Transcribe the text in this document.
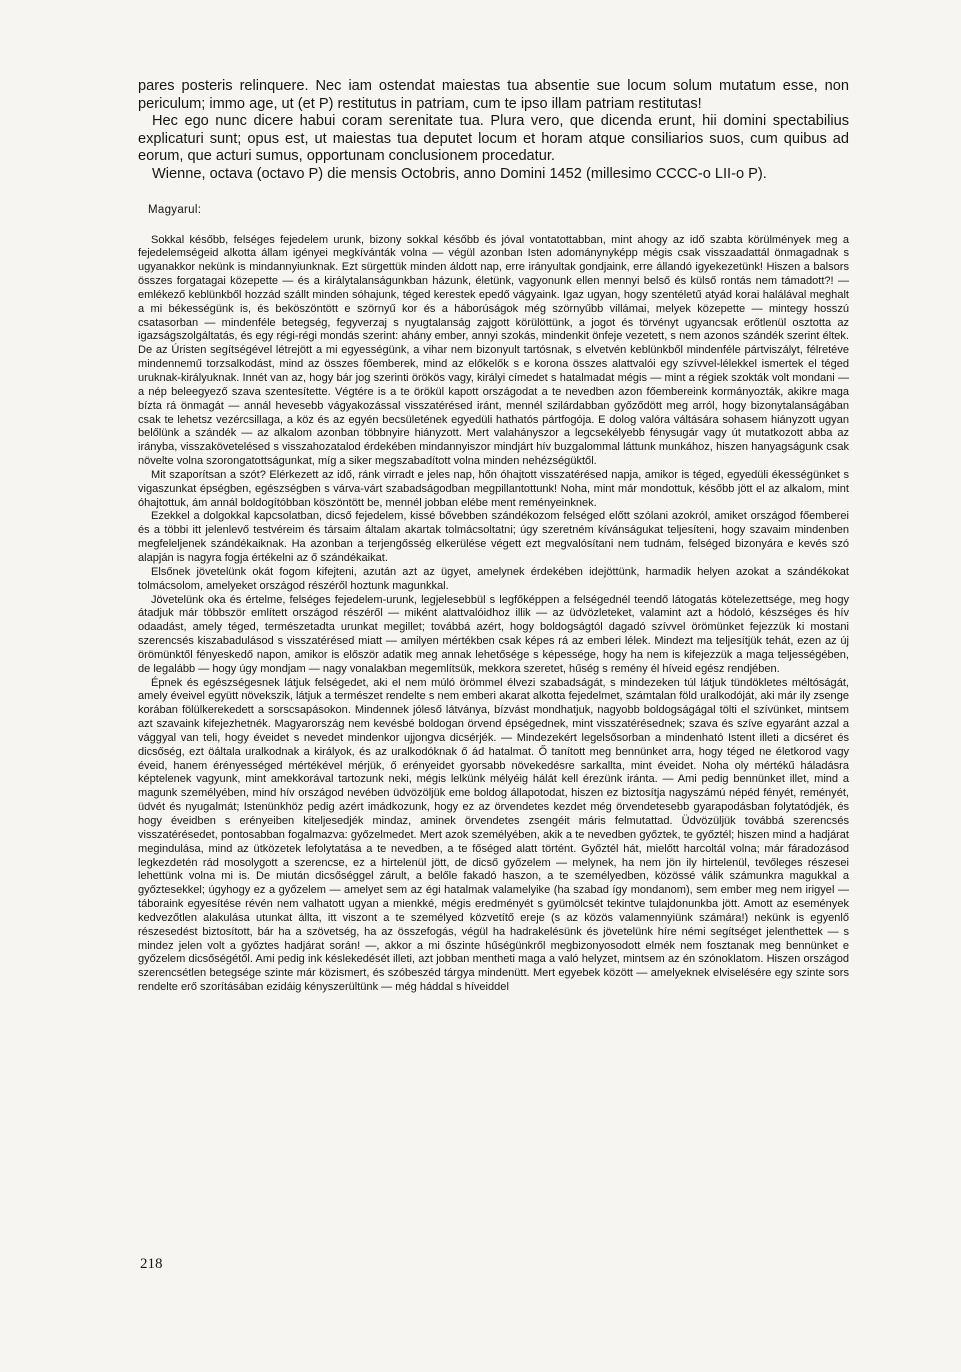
pares posteris relinquere. Nec iam ostendat maiestas tua absentie sue locum solum mutatum esse, non periculum; immo age, ut (et P) restitutus in patriam, cum te ipso illam patriam restitutas!

Hec ego nunc dicere habui coram serenitate tua. Plura vero, que dicenda erunt, hii domini spectabilius explicaturi sunt; opus est, ut maiestas tua deputet locum et horam atque consiliarios suos, cum quibus ad eorum, que acturi sumus, opportunam conclusionem procedatur.

Wienne, octava (octavo P) die mensis Octobris, anno Domini 1452 (millesimo CCCC-o LII-o P).

Magyarul:

Sokkal később, felséges fejedelem urunk, bizony sokkal később és jóval vontatottabban, mint ahogy az idő szabta körülmények meg a fejedelemségeid alkotta állam igényei megkívánták volna — végül azonban Isten adománynyképp mégis csak visszaadattál önmagadnak s ugyanakkor nekünk is mindannyiunknak. Ezt sürgettük minden áldott nap, erre irányultak gondjaink, erre állandó igyekezetünk! Hiszen a balsors összes forgatagai közepette — és a királytalanságunkban házunk, életünk, vagyonunk ellen mennyi belső és külső rontás nem támadott?! — emlékező keblünkből hozzád szállt minden sóhajunk, téged kerestek epedő vágyaink. Igaz ugyan, hogy szentéletű atyád korai halálával meghalt a mi békességünk is, és beköszöntött e szörnyű kor és a háborúságok még szörnyűbb villámai, melyek közepette — mintegy hosszú csatasorban — mindenféle betegség, fegyverzaj s nyugtalanság zajgott körülöttünk, a jogot és törvényt ugyancsak erőtlenül osztotta az igazságszolgáltatás, és egy régi-régi mondás szerint: ahány ember, annyi szokás, mindenkit önfeje vezetett, s nem azonos szándék szerint éltek. De az Úristen segítségével létrejött a mi egyességünk, a vihar nem bizonyult tartósnak, s elvetvén keblünkből mindenféle pártviszályt, félretéve mindennemű torzsalkodást, mind az összes főemberek, mind az előkelők s e korona összes alattvalói egy szívvel-lélekkel ismertek el téged uruknak-királyuknak. Innét van az, hogy bár jog szerinti örökös vagy, királyi címedet s hatalmadat mégis — mint a régiek szokták volt mondani — a nép beleegyező szava szentesítette. Végtére is a te örökül kapott országodat a te nevedben azon főembereink kormányozták, akikre maga bízta rá önmagát — annál hevesebb vágyakozással visszatérésed iránt, mennél szilárdabban győződött meg arról, hogy bizonytalanságában csak te lehetsz vezércsillaga, a köz és az egyén becsületének egyedüli hathatós pártfogója. E dolog valóra váltására sohasem hiányzott ugyan belőlünk a szándék — az alkalom azonban többnyire hiányzott. Mert valahányszor a legcsekélyebb fénysugár vagy út mutatkozott abba az irányba, visszakövetelésed s visszahozatalod érdekében mindannyiszor mindjárt hív buzgalommal láttunk munkához, hiszen hanyagságunk csak növelte volna szorongatottságunkat, míg a siker megszabadított volna minden nehézségüktől.

Mit szaporítsan a szót? Elérkezett az idő, ránk virradt e jeles nap, hőn óhajtott visszatérésed napja, amikor is téged, egyedüli ékességünket s vigaszunkat épségben, egészségben s várva-várt szabadságodban megpillantottunk! Noha, mint már mondottuk, később jött el az alkalom, mint óhajtottuk, ám annál boldogítóbban köszöntött be, mennél jobban elébe ment reményeinknek.

Ezekkel a dolgokkal kapcsolatban, dicső fejedelem, kissé bővebben szándékozom felséged előtt szólani azokról, amiket országod főemberei és a többi itt jelenlevő testvéreim és társaim általam akartak tolmácsoltatni; úgy szeretném kívánságukat teljesíteni, hogy szavaim mindenben megfeleljenek szándékaiknak. Ha azonban a terjengősség elkerülése végett ezt megvalósítani nem tudnám, felséged bizonyára e kevés szó alapján is nagyra fogja értékelni az ő szándékaikat.

Elsőnek jövetelünk okát fogom kifejteni, azután azt az ügyet, amelynek érdekében idejöttünk, harmadik helyen azokat a szándékokat tolmácsolom, amelyeket országod részéről hoztunk magunkkal.

Jövetelünk oka és értelme, felséges fejedelem-urunk, legjelesebbül s legfőképpen a felségednél teendő látogatás kötelezettsége, meg hogy átadjuk már többször említett országod részéről — miként alattvalóidhoz illik — az üdvözleteket, valamint azt a hódoló, készséges és hív odaadást, amely téged, természetadta urunkat megillet; továbbá azért, hogy boldogságtól dagadó szívvel örömünket fejezzük ki mostani szerencsés kiszabadulásod s visszatérésed miatt — amilyen mértékben csak képes rá az emberi lélek. Mindezt ma teljesítjük tehát, ezen az új örömünktől fényeskedő napon, amikor is először adatik meg annak lehetősége s képessége, hogy ha nem is kifejezzük a maga teljességében, de legalább — hogy úgy mondjam — nagy vonalakban megemlítsük, mekkora szeretet, hűség s remény él híveid egész rendjében.

Épnek és egészségesnek látjuk felségedet, aki el nem múló örömmel élvezi szabadságát, s mindezeken túl látjuk tündökletes méltóságát, amely éveivel együtt növekszik, látjuk a természet rendelte s nem emberi akarat alkotta fejedelmet, számtalan föld uralkodóját, aki már ily zsenge korában fölülkerekedett a sorscsapásokon. Mindennek jóleső látványa, bízvást mondhatjuk, nagyobb boldogságágal tölti el szívünket, mintsem azt szavaink kifejezhetnék. Magyarország nem kevésbé boldogan örvend épségednek, mint visszatérésednek; szava és szíve egyaránt azzal a vággyal van teli, hogy éveidet s nevedet mindenkor ujjongva dicsérjék. — Mindezekért legelsősorban a mindenható Istent illeti a dicséret és dicsőség, ezt öáltala uralkodnak a királyok, és az uralkodóknak ő ád hatalmat. Ő tanított meg bennünket arra, hogy téged ne életkorod vagy éveid, hanem érényességed mértékével mérjük, ő erényeidet gyorsabb növekedésre sarkallta, mint éveidet. Noha oly mértékű háladásra képtelenek vagyunk, mint amekkorával tartozunk neki, mégis lelkünk mélyéig hálát kell érezünk iránta. — Ami pedig bennünket illet, mind a magunk személyében, mind hív országod nevében üdvözöljük eme boldog állapotodat, hiszen ez biztosítja nagyszámú népéd fényét, reményét, üdvét és nyugalmát; Istenünkhöz pedig azért imádkozunk, hogy ez az örvendetes kezdet még örvendetesebb gyarapodásban folytatódjék, és hogy éveidben s erényeiben kiteljesedjék mindaz, aminek örvendetes zsengéit máris felmutattad. Üdvözüljük továbbá szerencsés visszatérésedet, pontosabban fogalmazva: győzelmedet. Mert azok személyében, akik a te nevedben győztek, te győztél; hiszen mind a hadjárat megindulása, mind az ütközetek lefolytatása a te nevedben, a te főséged alatt történt. Győztél hát, mielőtt harcoltál volna; már fáradozásod legkezdetén rád mosolygott a szerencse, ez a hirtelenül jött, de dicső győzelem — melynek, ha nem jön ily hirtelenül, tevőleges részesei lehettünk volna mi is. De miután dicsőséggel zárult, a belőle fakadó haszon, a te személyedben, közössé válik számunkra magukkal a győztesekkel; úgyhogy ez a győzelem — amelyet sem az égi hatalmak valamelyike (ha szabad így mondanom), sem ember meg nem irigyel — táboraink egyesítése révén nem valhatott ugyan a mienkké, mégis eredményét s gyümölcsét tekintve tulajdonunkba jött. Amott az események kedvezőtlen alakulása utunkat állta, itt viszont a te személyed közvetítő ereje (s az közös valamennyiünk számára!) nekünk is egyenlő részesedést biztosított, bár ha a szövetség, ha az összefogás, végül ha hadrakelésünk és jövetelünk híre némi segítséget jelenthettek — s mindez jelen volt a győztes hadjárat során! —, akkor a mi őszinte hűségünkről megbizonyosodott elmék nem fosztanak meg bennünket e győzelem dicsőségétől. Ami pedig ink késlekedését illeti, azt jobban mentheti maga a való helyzet, mintsem az én szónoklatom. Hiszen országod szerencsétlen betegsége szinte már közismert, és szóbeszéd tárgya mindenütt. Mert egyebek között — amelyeknek elviselésére egy szinte sors rendelte erő szorításában ezidáig kényszerültünk — még háddal s híveiddel

218
